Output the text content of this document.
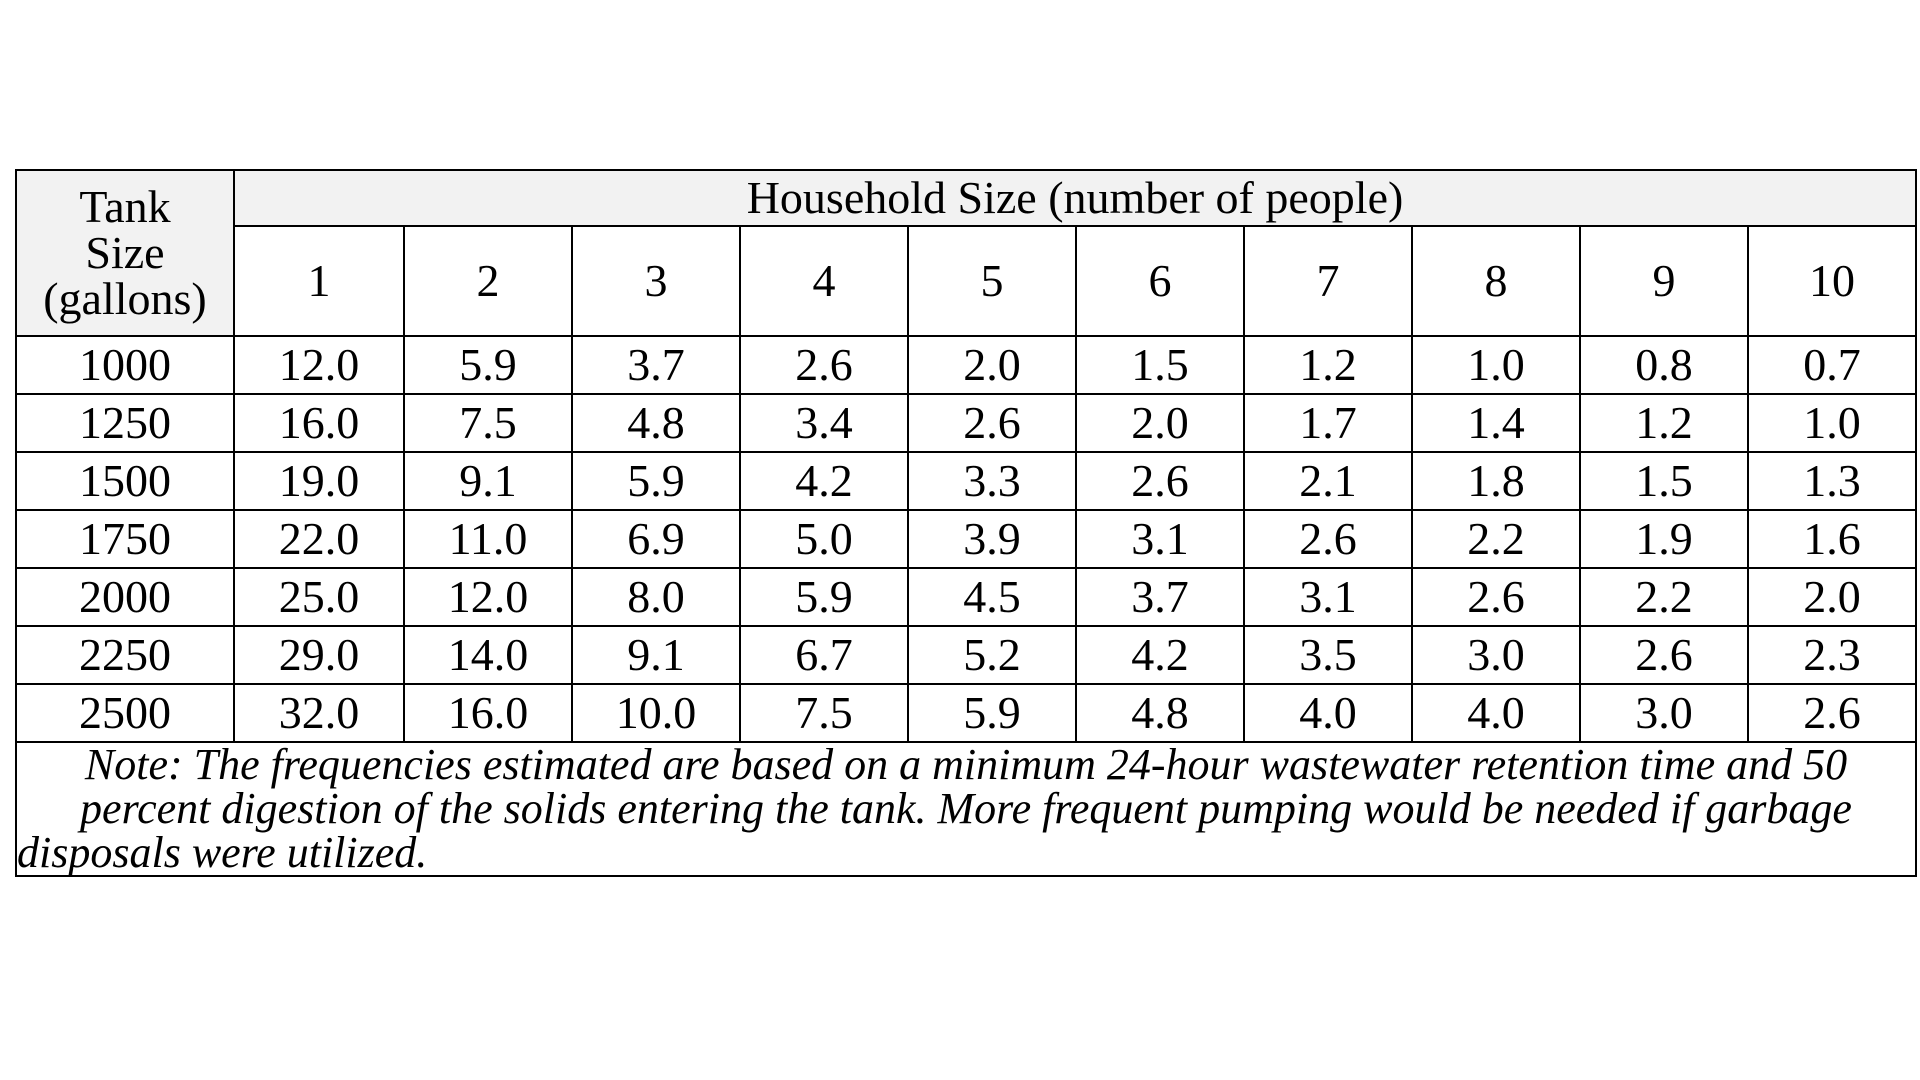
Tank
Size
(gallons)	Household Size (number of people)									
	1	2	3	4	5	6	7	8	9	10
1000	12.0	5.9	3.7	2.6	2.0	1.5	1.2	1.0	0.8	0.7
1250	16.0	7.5	4.8	3.4	2.6	2.0	1.7	1.4	1.2	1.0
1500	19.0	9.1	5.9	4.2	3.3	2.6	2.1	1.8	1.5	1.3
1750	22.0	11.0	6.9	5.0	3.9	3.1	2.6	2.2	1.9	1.6
2000	25.0	12.0	8.0	5.9	4.5	3.7	3.1	2.6	2.2	2.0
2250	29.0	14.0	9.1	6.7	5.2	4.2	3.5	3.0	2.6	2.3
2500	32.0	16.0	10.0	7.5	5.9	4.8	4.0	4.0	3.0	2.6
Note: The frequencies estimated are based on a minimum 24-hour wastewater retention time and 50 percent digestion of the solids entering the tank. More frequent pumping would be needed if garbage disposals were utilized.										
